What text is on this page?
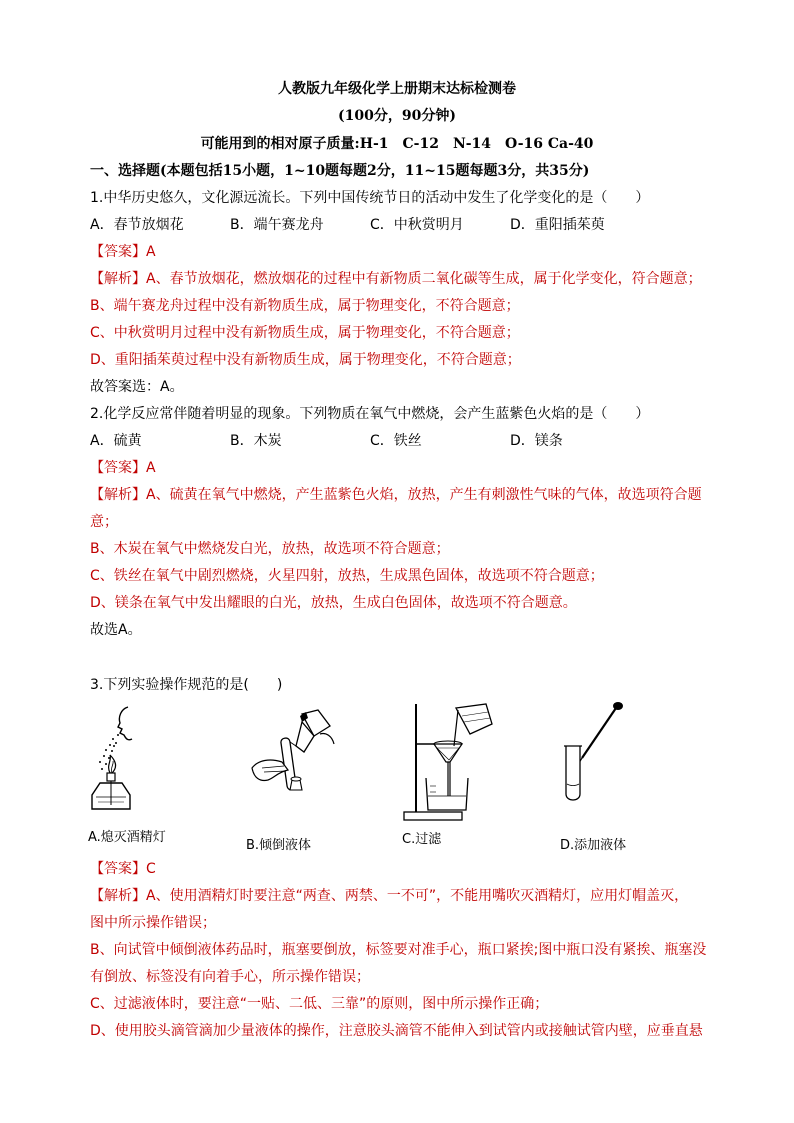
人教版九年级化学上册期末达标检测卷
(100分，90分钟)
可能用到的相对原子质量:H-1　C-12　N-14　O-16 Ca-40
一、选择题(本题包括15小题，1~10题每题2分，11~15题每题3分，共35分)
1.中华历史悠久，文化源远流长。下列中国传统节日的活动中发生了化学变化的是（　　）
A．春节放烟花	B．端午赛龙舟	C．中秋赏明月	D．重阳插茱萸
【答案】A
【解析】A、春节放烟花，燃放烟花的过程中有新物质二氧化碳等生成，属于化学变化，符合题意；
B、端午赛龙舟过程中没有新物质生成，属于物理变化，不符合题意；
C、中秋赏明月过程中没有新物质生成，属于物理变化，不符合题意；
D、重阳插茱萸过程中没有新物质生成，属于物理变化，不符合题意；
故答案选：A。
2.化学反应常伴随着明显的现象。下列物质在氧气中燃烧，会产生蓝紫色火焰的是（　　）
A．硫黄	B．木炭	C．铁丝	D．镁条
【答案】A
【解析】A、硫黄在氧气中燃烧，产生蓝紫色火焰，放热，产生有刺激性气味的气体，故选项符合题
意；
B、木炭在氧气中燃烧发白光，放热，故选项不符合题意；
C、铁丝在氧气中剧烈燃烧，火星四射，放热，生成黑色固体，故选项不符合题意；
D、镁条在氧气中发出耀眼的白光，放热，生成白色固体，故选项不符合题意。
故选A。
3.下列实验操作规范的是(　　)
A.熄灭酒精灯
B.倾倒液体	C.过滤	D.添加液体
【答案】C
【解析】A、使用酒精灯时要注意“两查、两禁、一不可”，不能用嘴吹灭酒精灯，应用灯帽盖灭，
图中所示操作错误；
B、向试管中倾倒液体药品时，瓶塞要倒放，标签要对准手心，瓶口紧挨;图中瓶口没有紧挨、瓶塞没
有倒放、标签没有向着手心，所示操作错误；
C、过滤液体时，要注意“一贴、二低、三靠”的原则，图中所示操作正确；
D、使用胶头滴管滴加少量液体的操作，注意胶头滴管不能伸入到试管内或接触试管内壁，应垂直悬
